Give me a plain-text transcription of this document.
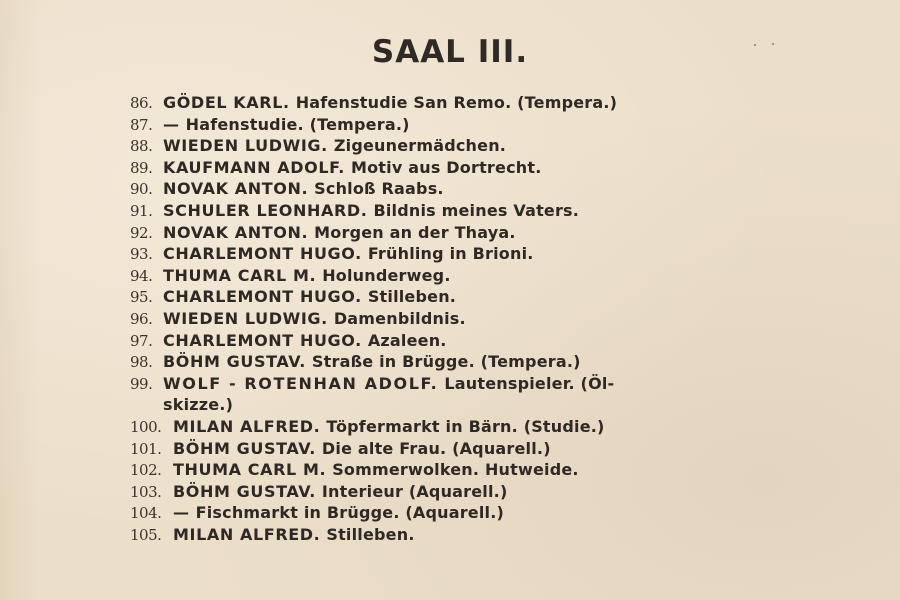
SAAL III.
86. GÖDEL KARL. Hafenstudie San Remo. (Tempera.)
87. — Hafenstudie. (Tempera.)
88. WIEDEN LUDWIG. Zigeunermädchen.
89. KAUFMANN ADOLF. Motiv aus Dortrecht.
90. NOVAK ANTON. Schloß Raabs.
91. SCHULER LEONHARD. Bildnis meines Vaters.
92. NOVAK ANTON. Morgen an der Thaya.
93. CHARLEMONT HUGO. Frühling in Brioni.
94. THUMA CARL M. Holunderweg.
95. CHARLEMONT HUGO. Stilleben.
96. WIEDEN LUDWIG. Damenbildnis.
97. CHARLEMONT HUGO. Azaleen.
98. BÖHM GUSTAV. Straße in Brügge. (Tempera.)
99. WOLF - ROTENHAN ADOLF. Lautenspieler. (Öl-
skizze.)
100. MILAN ALFRED. Töpfermarkt in Bärn. (Studie.)
101. BÖHM GUSTAV. Die alte Frau. (Aquarell.)
102. THUMA CARL M. Sommerwolken. Hutweide.
103. BÖHM GUSTAV. Interieur (Aquarell.)
104. — Fischmarkt in Brügge. (Aquarell.)
105. MILAN ALFRED. Stilleben.
